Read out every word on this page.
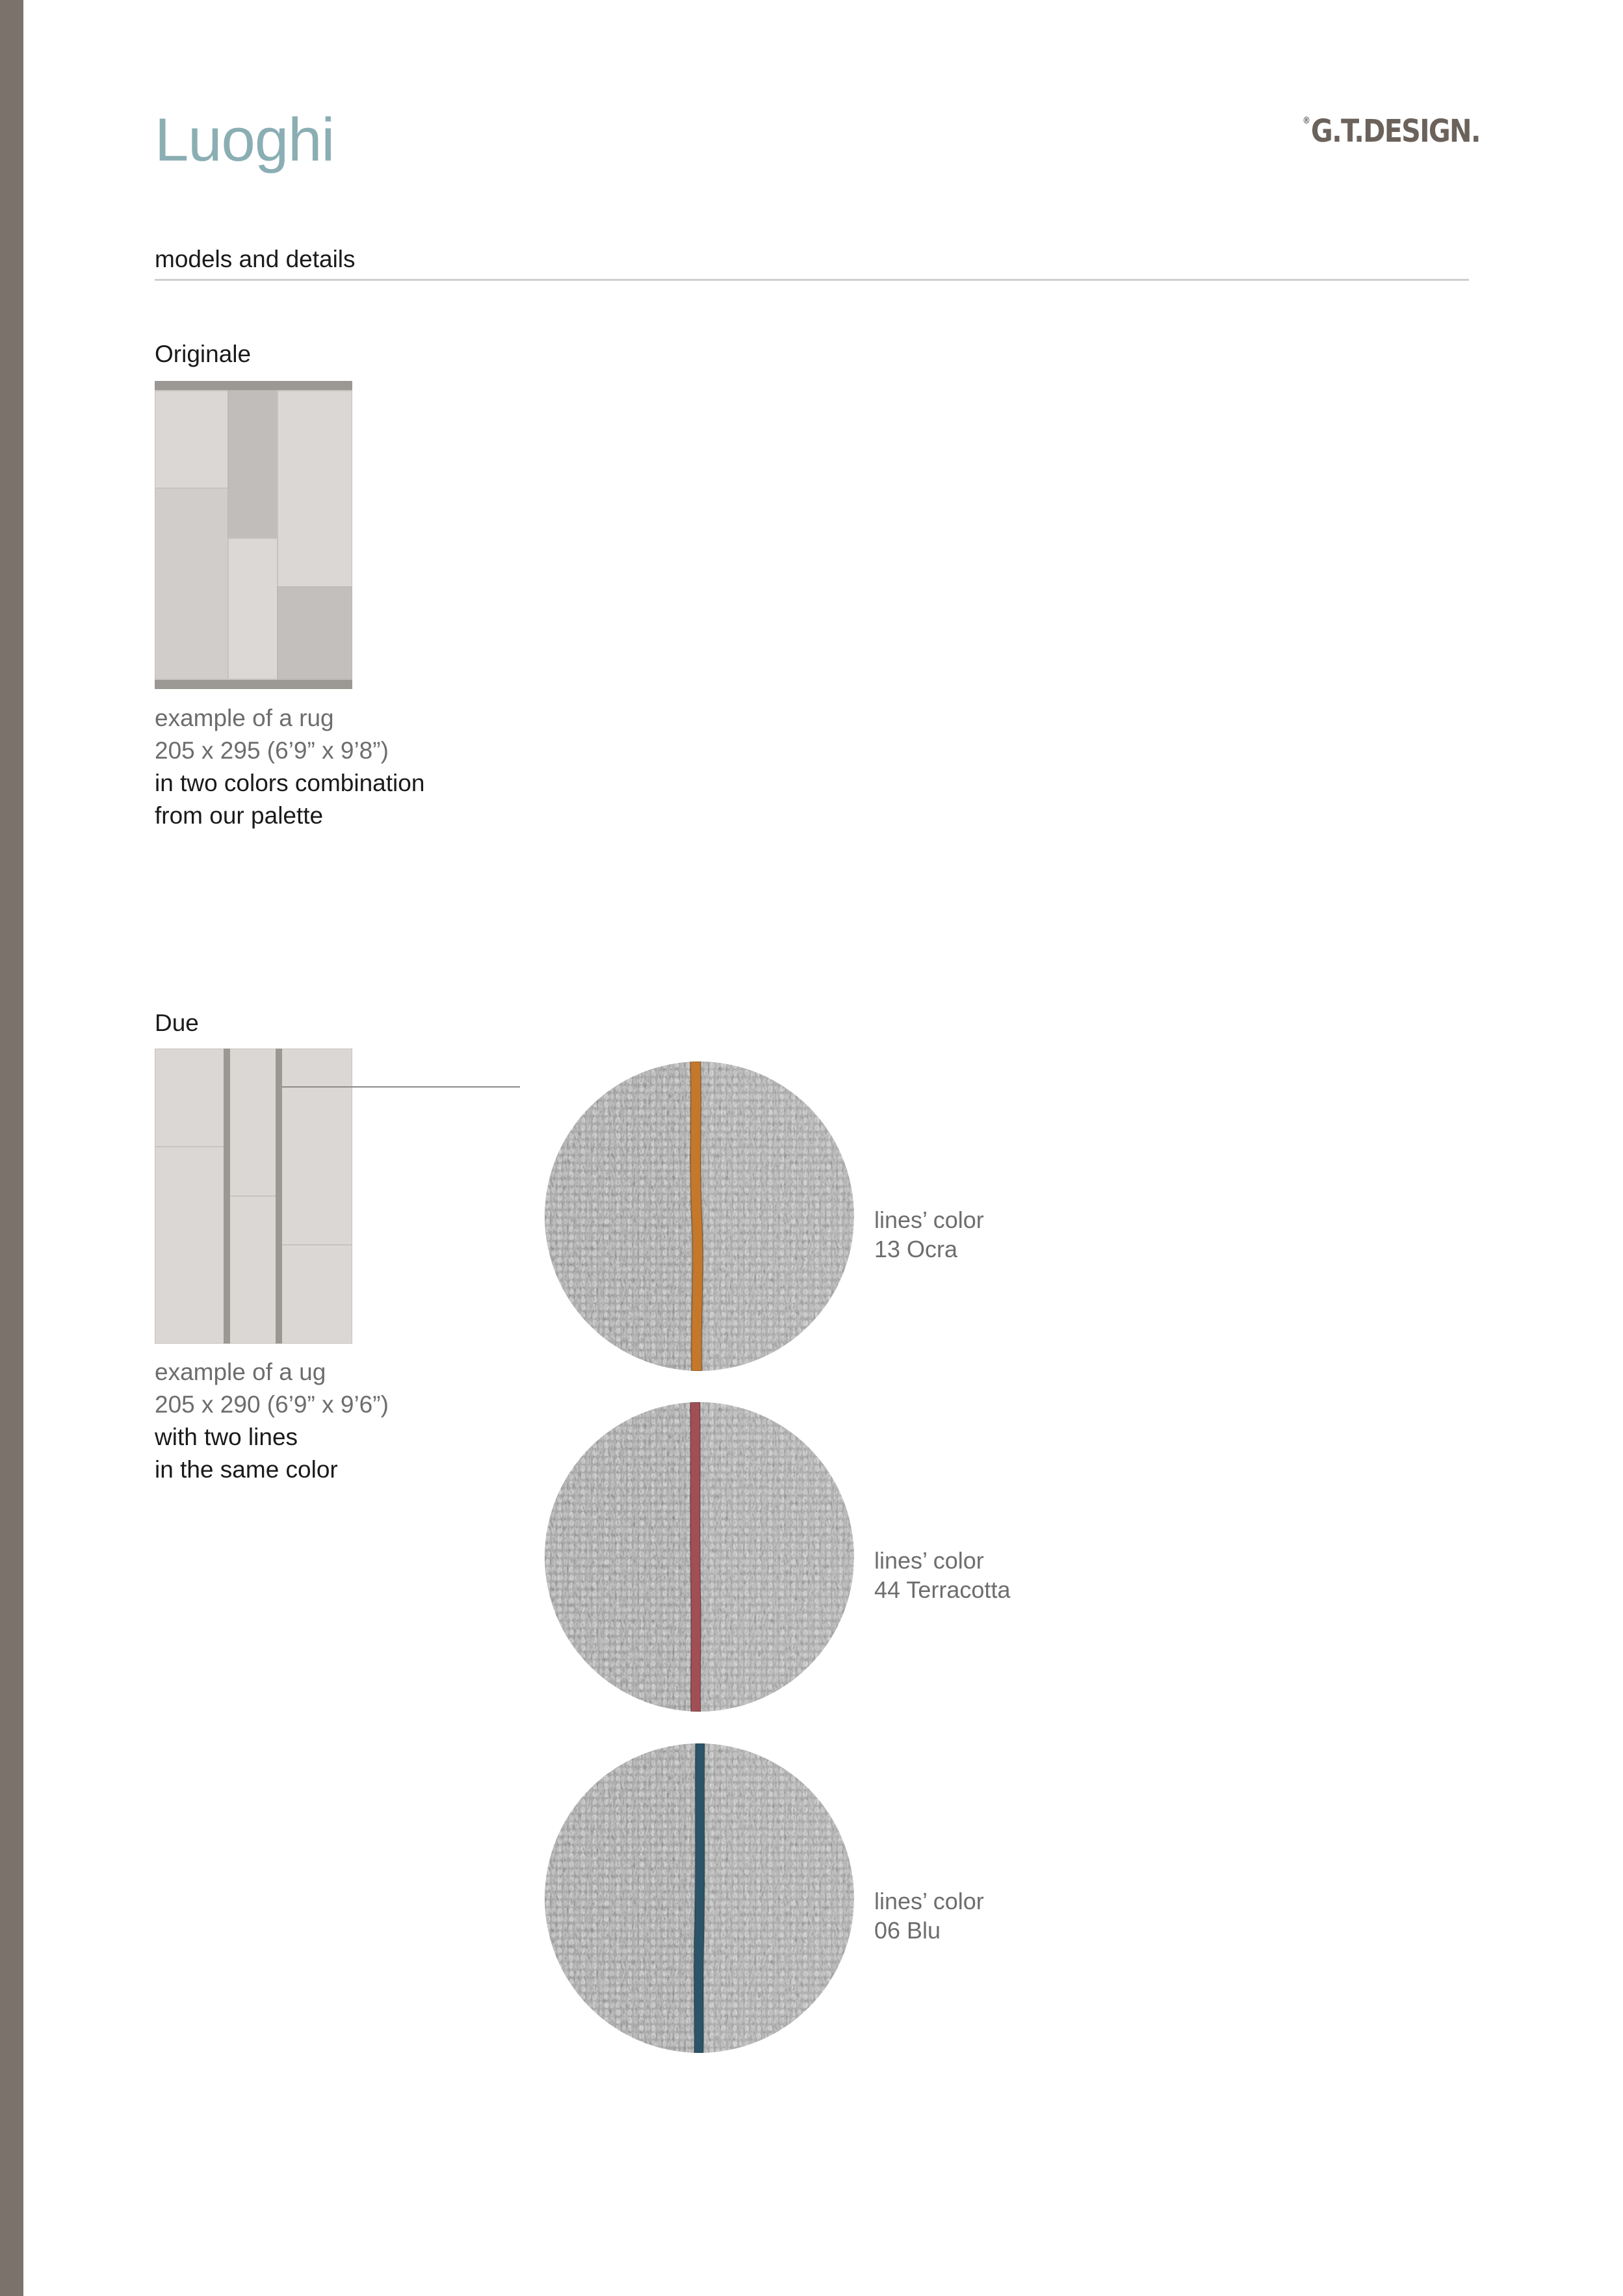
Luoghi	®G.T.DESIGN.
models and details
Originale
example of a rug
205 x 295 (6’9” x 9’8”)
in two colors combination
from our palette
Due
example of a ug
205 x 290 (6’9” x 9’6”)
with two lines
in the same color
lines’ color
13 Ocra
lines’ color
44 Terracotta
lines’ color
06 Blu
